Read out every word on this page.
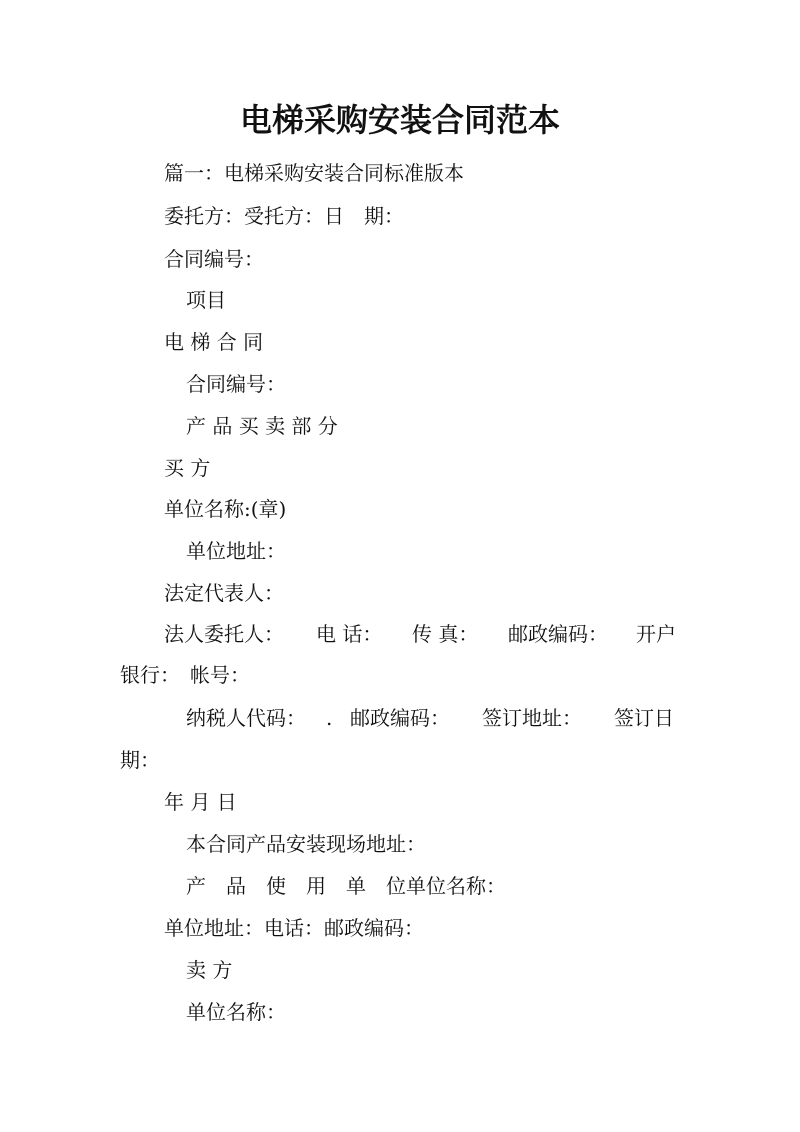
电梯采购安装合同范本
篇一：电梯采购安装合同标准版本
委托方：受托方：日　期：
合同编号：
项目
电 梯 合 同
合同编号：
产 品 买 卖 部 分
买 方
单位名称:(章)
单位地址：
法定代表人：
法人委托人： 电 话： 传 真： 邮政编码： 开户
银行：　帐号：
纳税人代码： . 邮政编码： 签订地址： 签订日
期：
年 月 日
本合同产品安装现场地址：
产　品　使　用　单　位单位名称：
单位地址：电话：邮政编码：
卖 方
单位名称：
